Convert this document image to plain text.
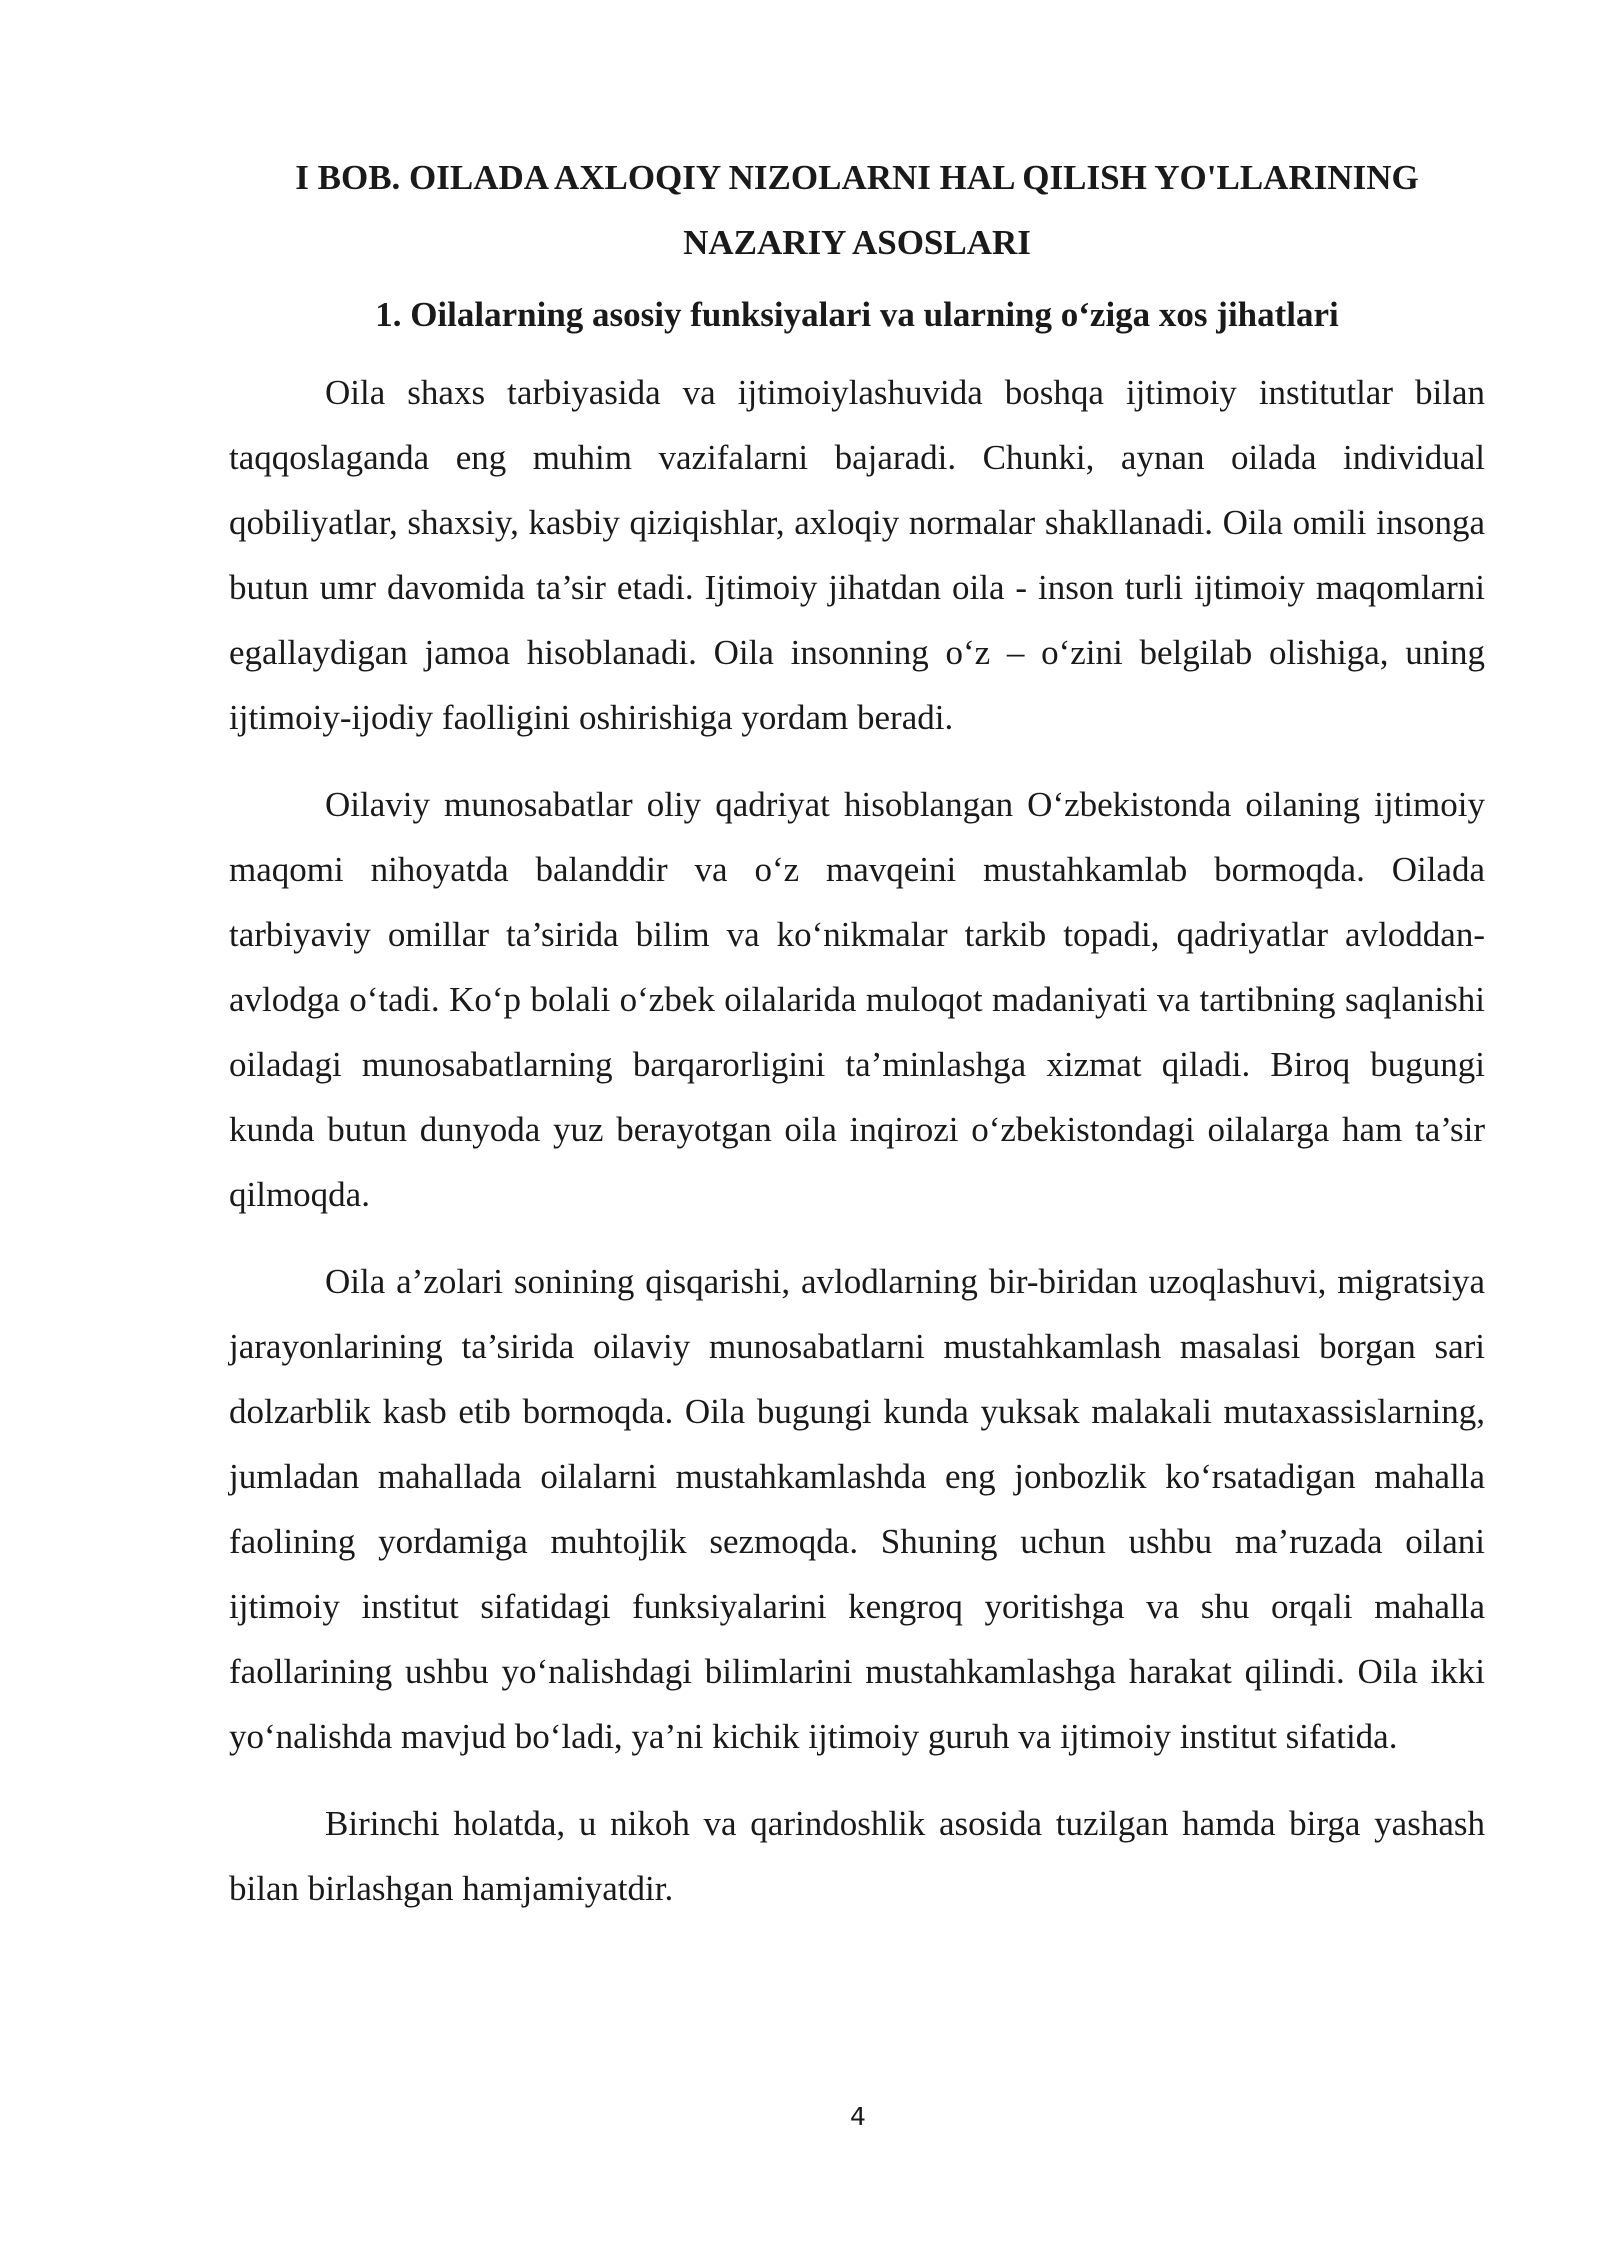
I BOB. OILADA AXLOQIY NIZOLARNI HAL QILISH YO'LLARINING NAZARIY ASOSLARI
1. Oilalarning asosiy funksiyalari va ularning o‘ziga xos jihatlari

Oila shaxs tarbiyasida va ijtimoiylashuvida boshqa ijtimoiy institutlar bilan taqqoslaganda eng muhim vazifalarni bajaradi. Chunki, aynan oilada individual qobiliyatlar, shaxsiy, kasbiy qiziqishlar, axloqiy normalar shakllanadi. Oila omili insonga butun umr davomida ta’sir etadi. Ijtimoiy jihatdan oila - inson turli ijtimoiy maqomlarni egallaydigan jamoa hisoblanadi. Oila insonning o‘z – o‘zini belgilab olishiga, uning ijtimoiy-ijodiy faolligini oshirishiga yordam beradi.

Oilaviy munosabatlar oliy qadriyat hisoblangan O‘zbekistonda oilaning ijtimoiy maqomi nihoyatda balanddir va o‘z mavqeini mustahkamlab bormoqda. Oilada tarbiyaviy omillar ta’sirida bilim va ko‘nikmalar tarkib topadi, qadriyatlar avloddan-avlodga o‘tadi. Ko‘p bolali o‘zbek oilalarida muloqot madaniyati va tartibning saqlanishi oiladagi munosabatlarning barqarorligini ta’minlashga xizmat qiladi. Biroq bugungi kunda butun dunyoda yuz berayotgan oila inqirozi o‘zbekistondagi oilalarga ham ta’sir qilmoqda.

Oila a’zolari sonining qisqarishi, avlodlarning bir-biridan uzoqlashuvi, migratsiya jarayonlarining ta’sirida oilaviy munosabatlarni mustahkamlash masalasi borgan sari dolzarblik kasb etib bormoqda. Oila bugungi kunda yuksak malakali mutaxassislarning, jumladan mahallada oilalarni mustahkamlashda eng jonbozlik ko‘rsatadigan mahalla faolining yordamiga muhtojlik sezmoqda. Shuning uchun ushbu ma’ruzada oilani ijtimoiy institut sifatidagi funksiyalarini kengroq yoritishga va shu orqali mahalla faollarining ushbu yo‘nalishdagi bilimlarini mustahkamlashga harakat qilindi. Oila ikki yo‘nalishda mavjud bo‘ladi, ya’ni kichik ijtimoiy guruh va ijtimoiy institut sifatida.

Birinchi holatda, u nikoh va qarindoshlik asosida tuzilgan hamda birga yashash bilan birlashgan hamjamiyatdir.

4
